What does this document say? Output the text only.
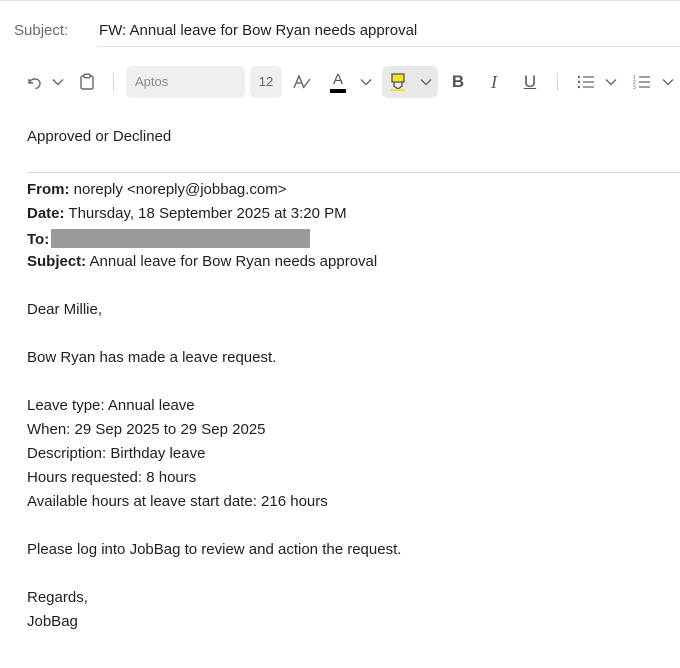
Subject: FW: Annual leave for Bow Ryan needs approval
Aptos	12	A	B	I	U	1
2
3
Approved or Declined
From: noreply <noreply@jobbag.com>
Date: Thursday, 18 September 2025 at 3:20 PM
To:
Subject: Annual leave for Bow Ryan needs approval
Dear Millie,
Bow Ryan has made a leave request.
Leave type: Annual leave
When: 29 Sep 2025 to 29 Sep 2025
Description: Birthday leave
Hours requested: 8 hours
Available hours at leave start date: 216 hours
Please log into JobBag to review and action the request.
Regards,
JobBag
